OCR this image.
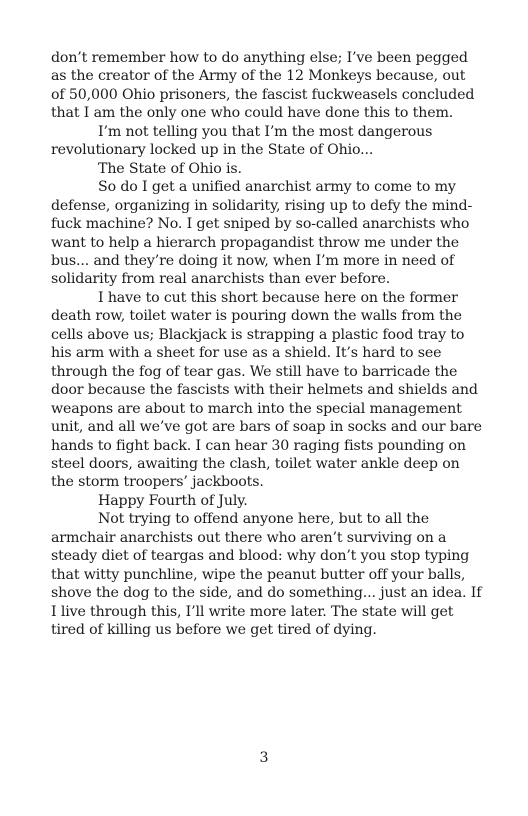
don’t remember how to do anything else; I’ve been pegged as the creator of the Army of the 12 Monkeys because, out of 50,000 Ohio prisoners, the fascist fuckweasels concluded that I am the only one who could have done this to them.

I’m not telling you that I’m the most dangerous revolutionary locked up in the State of Ohio...

The State of Ohio is.

So do I get a unified anarchist army to come to my defense, organizing in solidarity, rising up to defy the mind-fuck machine? No. I get sniped by so-called anarchists who want to help a hierarch propagandist throw me under the bus... and they’re doing it now, when I’m more in need of solidarity from real anarchists than ever before.

I have to cut this short because here on the former death row, toilet water is pouring down the walls from the cells above us; Blackjack is strapping a plastic food tray to his arm with a sheet for use as a shield. It’s hard to see through the fog of tear gas. We still have to barricade the door because the fascists with their helmets and shields and weapons are about to march into the special management unit, and all we’ve got are bars of soap in socks and our bare hands to fight back. I can hear 30 raging fists pounding on steel doors, awaiting the clash, toilet water ankle deep on the storm troopers’ jackboots.

Happy Fourth of July.

Not trying to offend anyone here, but to all the armchair anarchists out there who aren’t surviving on a steady diet of teargas and blood: why don’t you stop typing that witty punchline, wipe the peanut butter off your balls, shove the dog to the side, and do something... just an idea. If I live through this, I’ll write more later. The state will get tired of killing us before we get tired of dying.

3
